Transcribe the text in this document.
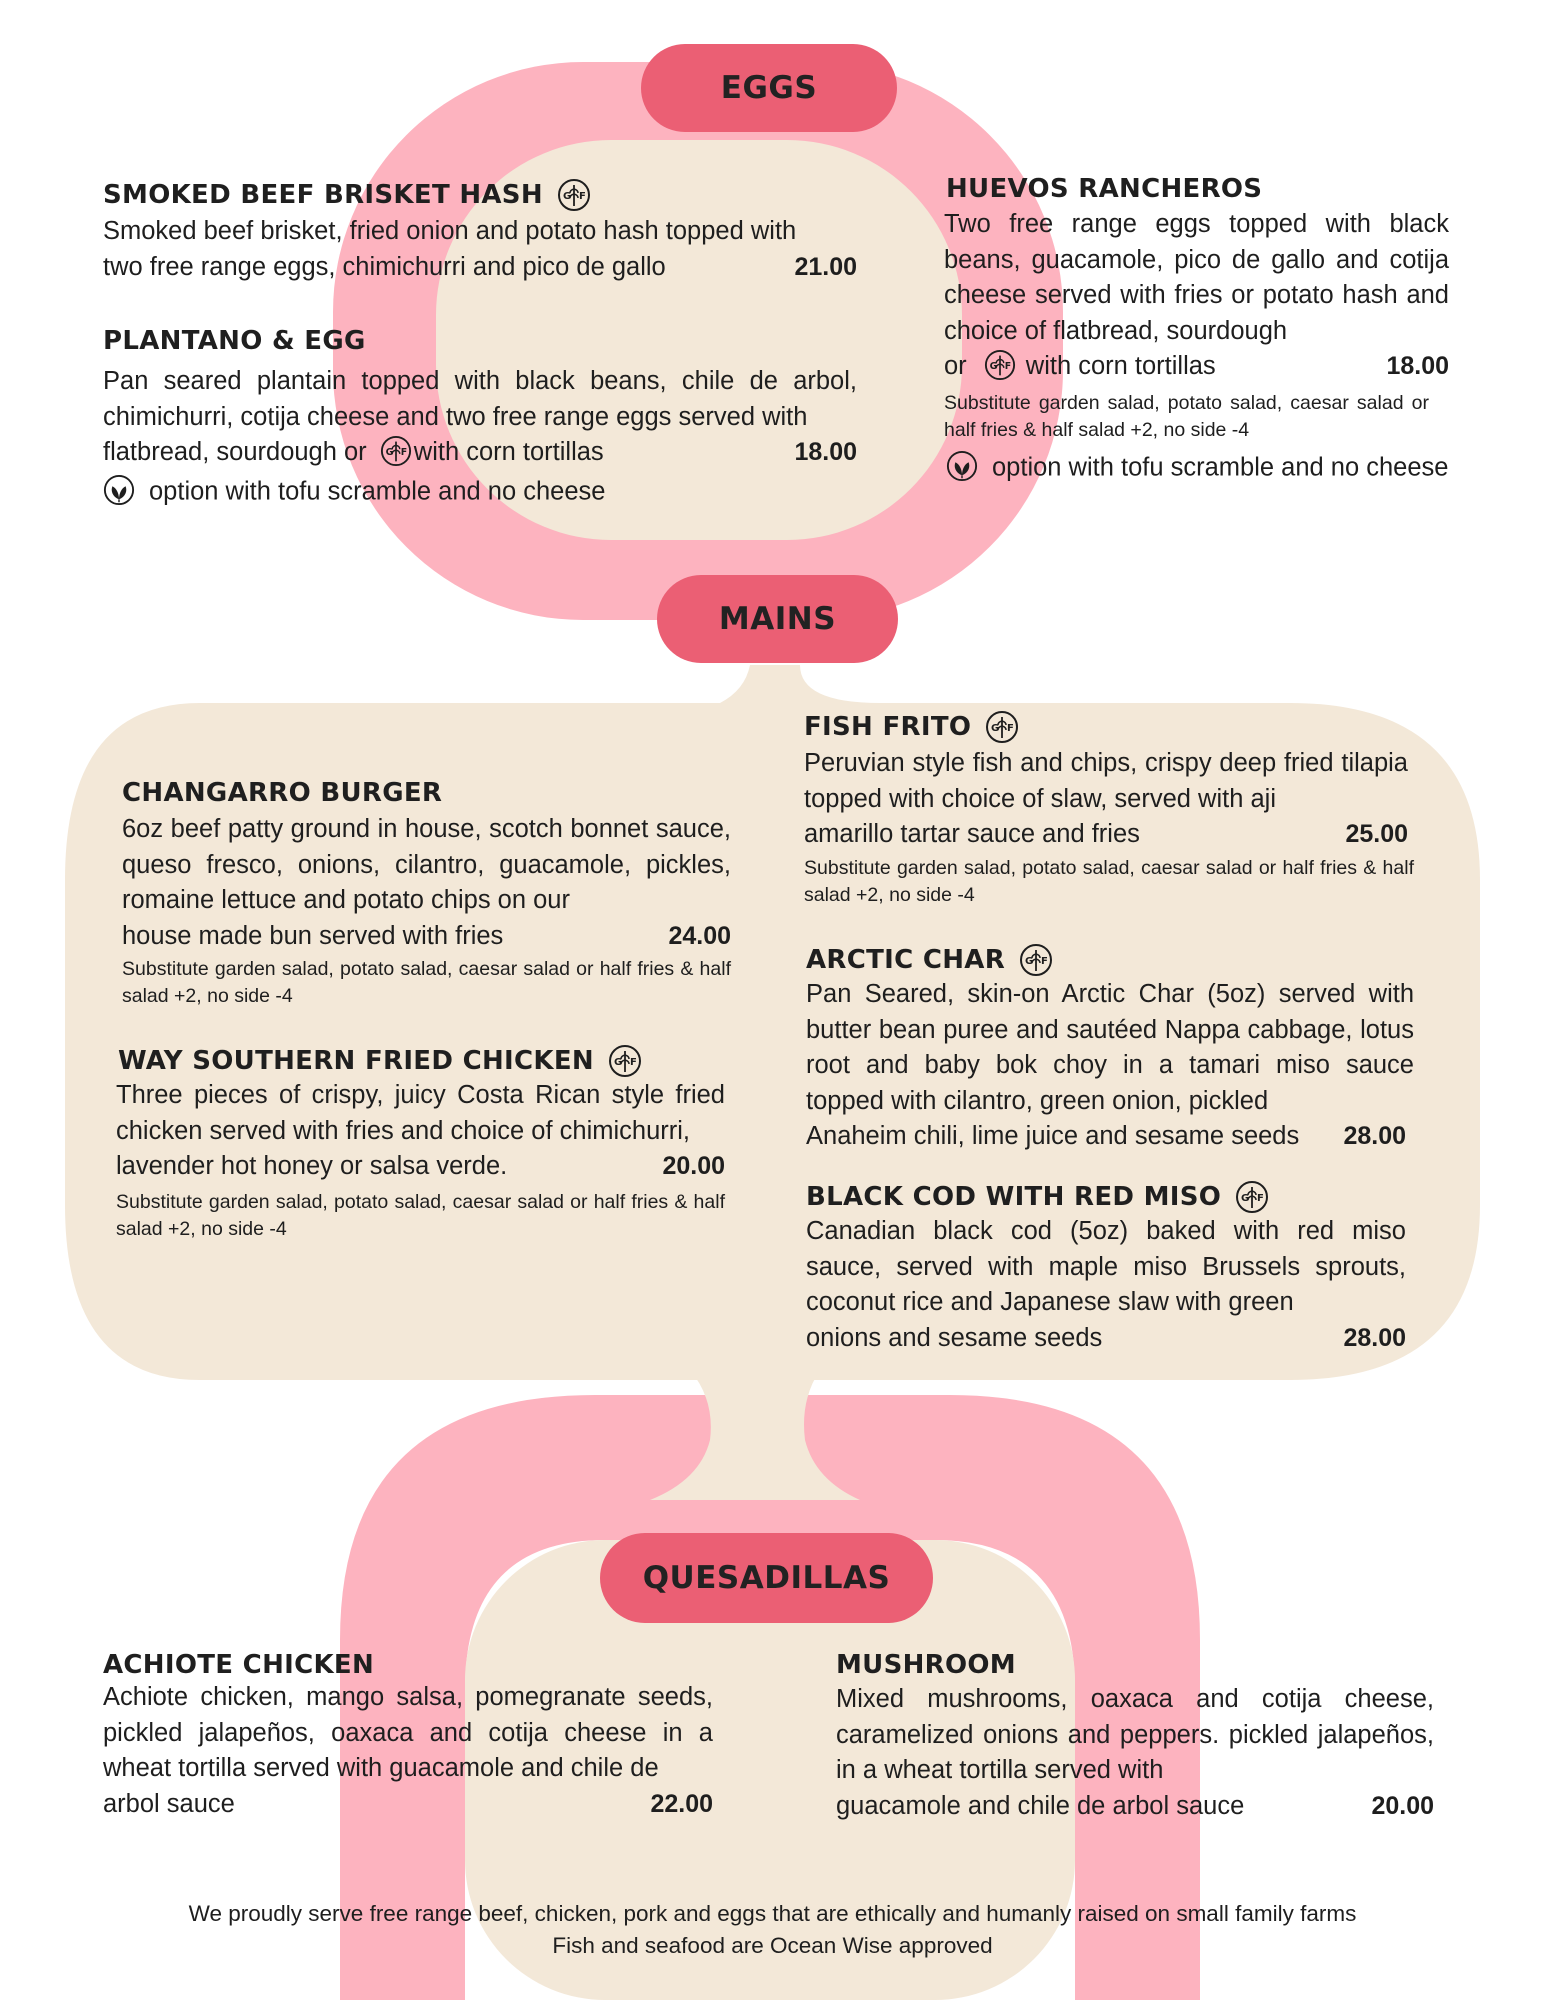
EGGS
MAINS
QUESADILLAS
SMOKED BEEF BRISKET HASH G F
Smoked beef brisket, fried onion and potato hash topped with
two free range eggs, chimichurri and pico de gallo	21.00
PLANTANO & EGG
Pan seared plantain topped with black beans, chile de arbol, chimichurri, cotija cheese and two free range eggs served with
flatbread, sourdough or G F with corn tortillas	18.00
option with tofu scramble and no cheese
HUEVOS RANCHEROS
Two free range eggs topped with black beans, guacamole, pico de gallo and cotija cheese served with fries or potato hash and choice of flatbread, sourdough
or G F with corn tortillas	18.00
Substitute garden salad, potato salad, caesar salad or half fries & half salad +2, no side -4
option with tofu scramble and no cheese
CHANGARRO BURGER
6oz beef patty ground in house, scotch bonnet sauce, queso fresco, onions, cilantro, guacamole, pickles, romaine lettuce and potato chips on our
house made bun served with fries	24.00
Substitute garden salad, potato salad, caesar salad or half fries & half salad +2, no side -4
WAY SOUTHERN FRIED CHICKEN G F
Three pieces of crispy, juicy Costa Rican style fried chicken served with fries and choice of chimichurri,
lavender hot honey or salsa verde.	20.00
Substitute garden salad, potato salad, caesar salad or half fries & half salad +2, no side -4
FISH FRITO G F
Peruvian style fish and chips, crispy deep fried tilapia topped with choice of slaw, served with aji
amarillo tartar sauce and fries	25.00
Substitute garden salad, potato salad, caesar salad or half fries & half salad +2, no side -4
ARCTIC CHAR G F
Pan Seared, skin-on Arctic Char (5oz) served with butter bean puree and sautéed Nappa cabbage, lotus root and baby bok choy in a tamari miso sauce topped with cilantro, green onion, pickled
Anaheim chili, lime juice and sesame seeds 28.00
BLACK COD WITH RED MISO G F
Canadian black cod (5oz) baked with red miso sauce, served with maple miso Brussels sprouts, coconut rice and Japanese slaw with green
onions and sesame seeds	28.00
ACHIOTE CHICKEN
Achiote chicken, mango salsa, pomegranate seeds, pickled jalapeños, oaxaca and cotija cheese in a wheat tortilla served with guacamole and chile de
arbol sauce	22.00
MUSHROOM
Mixed mushrooms, oaxaca and cotija cheese, caramelized onions and peppers. pickled jalapeños, in a wheat tortilla served with
guacamole and chile de arbol sauce	20.00
We proudly serve free range beef, chicken, pork and eggs that are ethically and humanly raised on small family farms
Fish and seafood are Ocean Wise approved
